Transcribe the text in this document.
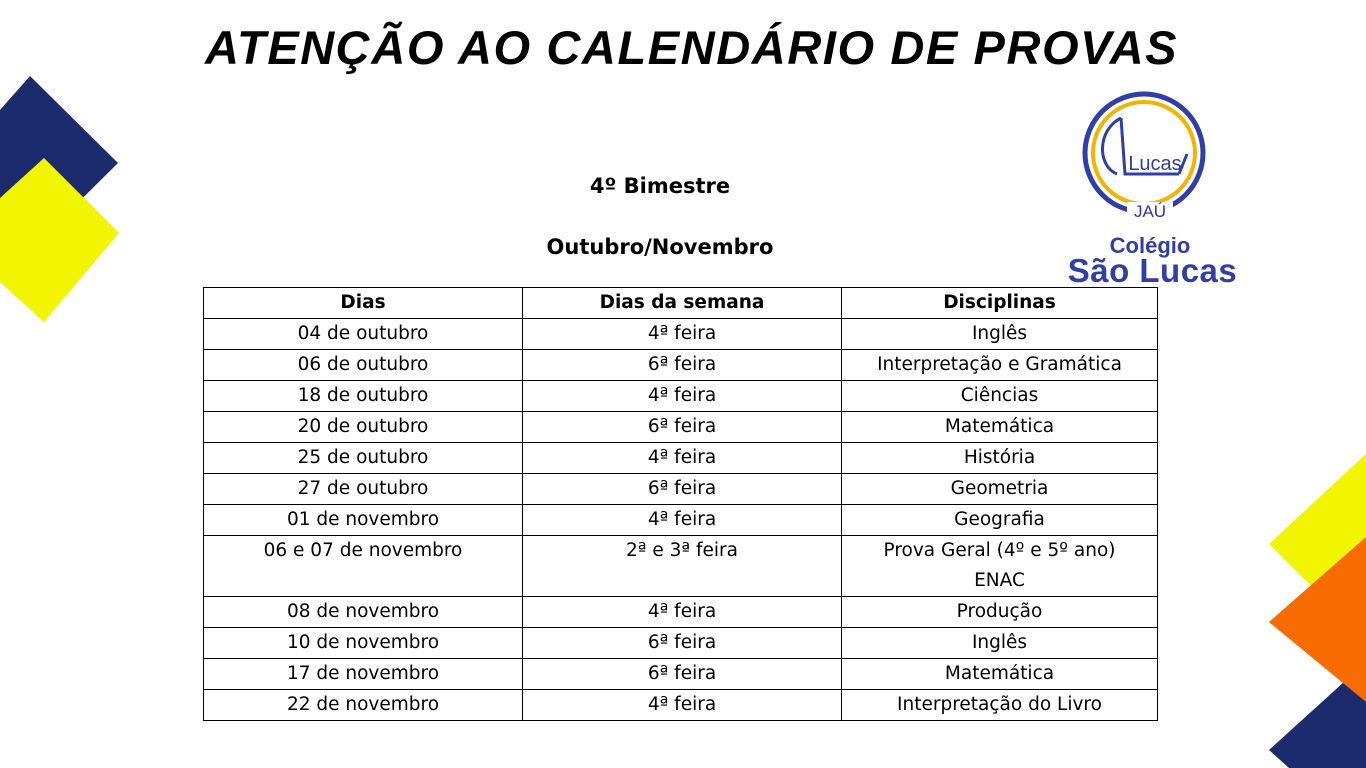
ATENÇÃO AO CALENDÁRIO DE PROVAS
4º Bimestre
Outubro/Novembro
Lucas
JAÚ
Colégio
São Lucas
Dias	Dias da semana	Disciplinas
04 de outubro	4ª feira	Inglês
06 de outubro	6ª feira	Interpretação e Gramática
18 de outubro	4ª feira	Ciências
20 de outubro	6ª feira	Matemática
25 de outubro	4ª feira	História
27 de outubro	6ª feira	Geometria
01 de novembro	4ª feira	Geografia
06 e 07 de novembro	2ª e 3ª feira	Prova Geral (4º e 5º ano)
ENAC

08 de novembro	4ª feira	Produção
10 de novembro	6ª feira	Inglês
17 de novembro	6ª feira	Matemática
22 de novembro	4ª feira	Interpretação do Livro
